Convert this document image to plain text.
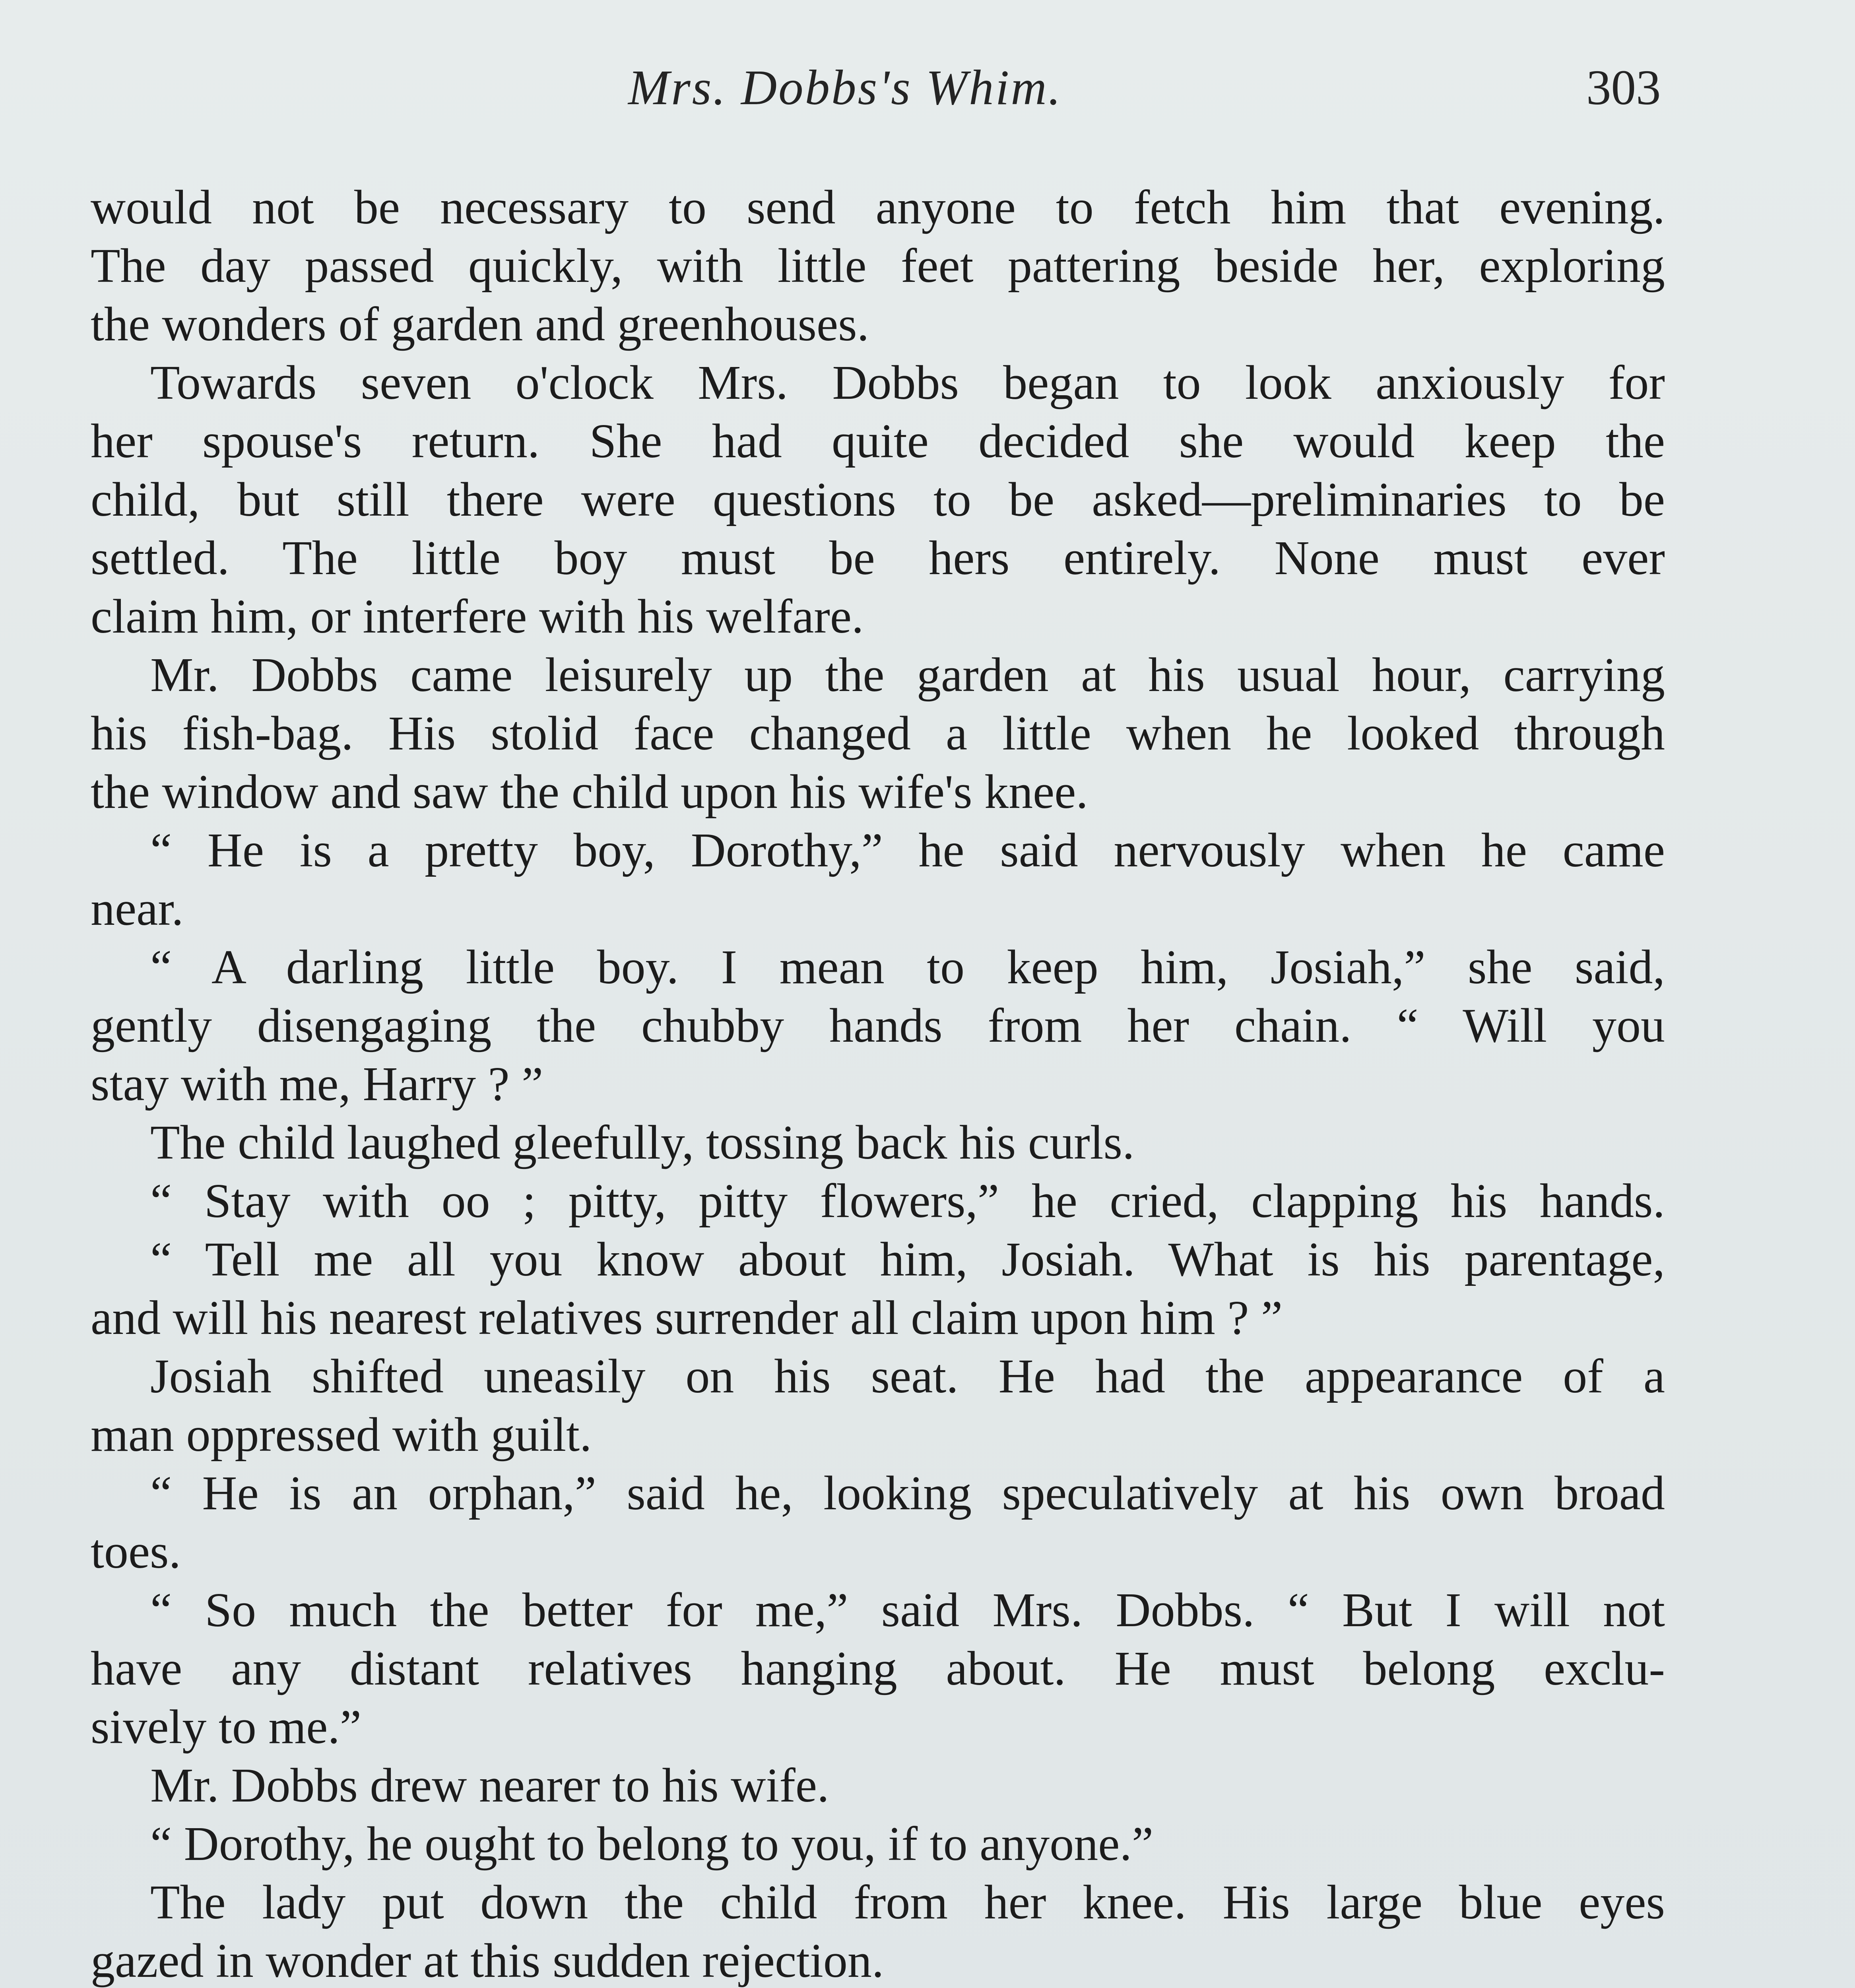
Mrs. Dobbs's Whim.	303
would not be necessary to send anyone to fetch him that evening.
The day passed quickly, with little feet pattering beside her, exploring
the wonders of garden and greenhouses.
Towards seven o'clock Mrs. Dobbs began to look anxiously for
her spouse's return. She had quite decided she would keep the
child, but still there were questions to be asked—preliminaries to be
settled. The little boy must be hers entirely. None must ever
claim him, or interfere with his welfare.
Mr. Dobbs came leisurely up the garden at his usual hour, carrying
his fish-bag. His stolid face changed a little when he looked through
the window and saw the child upon his wife's knee.
“ He is a pretty boy, Dorothy,” he said nervously when he came
near.
“ A darling little boy. I mean to keep him, Josiah,” she said,
gently disengaging the chubby hands from her chain. “ Will you
stay with me, Harry ? ”
The child laughed gleefully, tossing back his curls.
“ Stay with oo ; pitty, pitty flowers,” he cried, clapping his hands.
“ Tell me all you know about him, Josiah. What is his parentage,
and will his nearest relatives surrender all claim upon him ? ”
Josiah shifted uneasily on his seat. He had the appearance of a
man oppressed with guilt.
“ He is an orphan,” said he, looking speculatively at his own broad
toes.
“ So much the better for me,” said Mrs. Dobbs. “ But I will not
have any distant relatives hanging about. He must belong exclu-
sively to me.”
Mr. Dobbs drew nearer to his wife.
“ Dorothy, he ought to belong to you, if to anyone.”
The lady put down the child from her knee. His large blue eyes
gazed in wonder at this sudden rejection.
